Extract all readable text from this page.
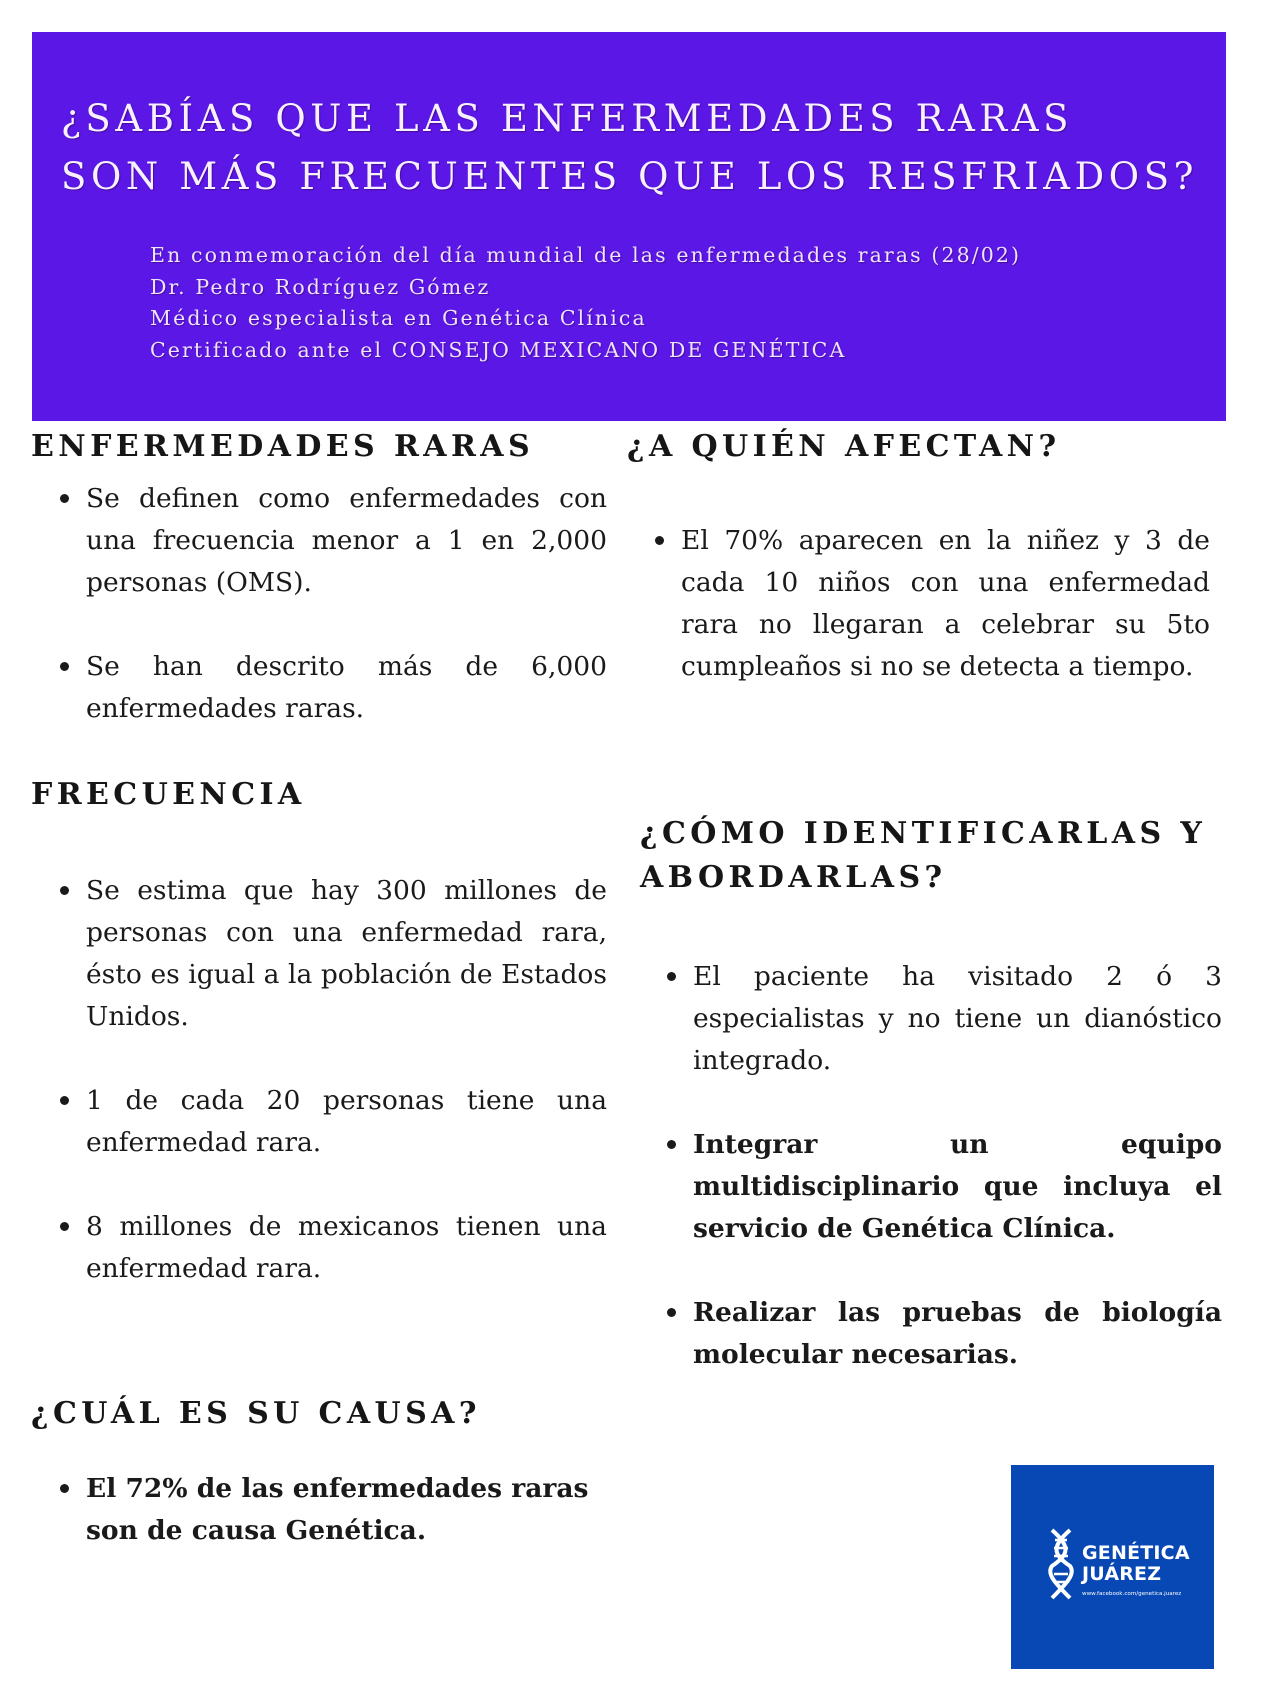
¿SABÍAS QUE LAS ENFERMEDADES RARAS
SON MÁS FRECUENTES QUE LOS RESFRIADOS?
En conmemoración del día mundial de las enfermedades raras (28/02)
Dr. Pedro Rodríguez Gómez
Médico especialista en Genética Clínica
Certificado ante el CONSEJO MEXICANO DE GENÉTICA
ENFERMEDADES RARAS
Se definen como enfermedades con una frecuencia menor a 1 en 2,000 personas (OMS).
Se han descrito más de 6,000 enfermedades raras.
FRECUENCIA
Se estima que hay 300 millones de personas con una enfermedad rara, ésto es igual a la población de Estados Unidos.
1 de cada 20 personas tiene una enfermedad rara.
8 millones de mexicanos tienen una enfermedad rara.
¿CUÁL ES SU CAUSA?
El 72% de las enfermedades raras son de causa Genética.
¿A QUIÉN AFECTAN?
El 70% aparecen en la niñez y 3 de cada 10 niños con una enfermedad rara no llegaran a celebrar su 5to cumpleaños si no se detecta a tiempo.
¿CÓMO IDENTIFICARLAS Y
ABORDARLAS?
El paciente ha visitado 2 ó 3 especialistas y no tiene un dianóstico integrado.
Integrar un equipo multidisciplinario que incluya el servicio de Genética Clínica.
Realizar las pruebas de biología molecular necesarias.
GENÉTICA
JUÁREZ
www.facebook.com/genetica.juarez
